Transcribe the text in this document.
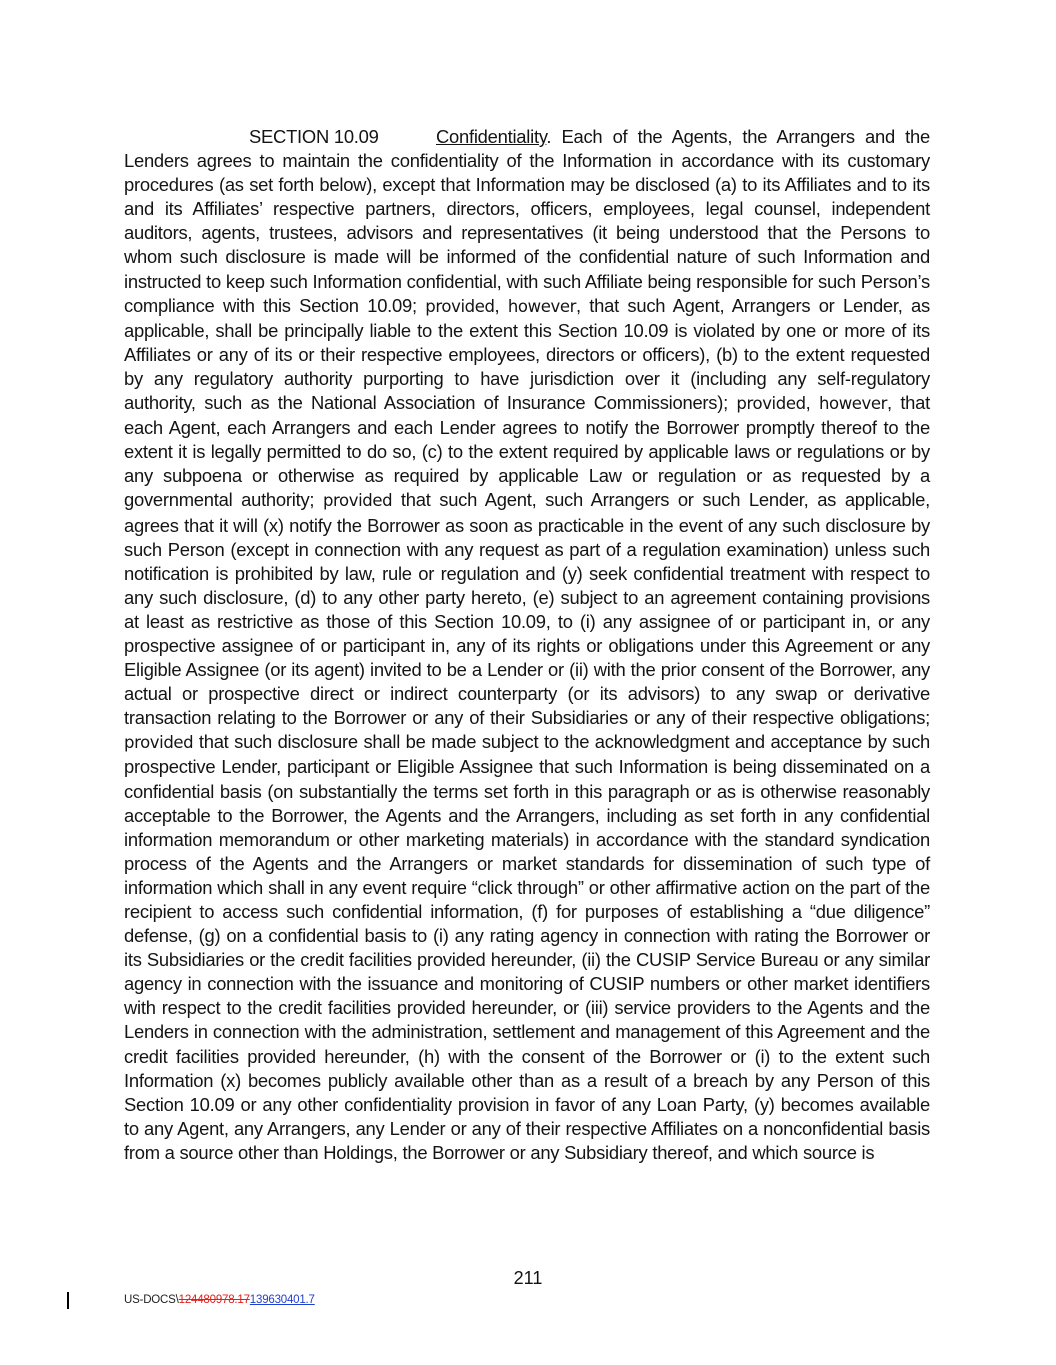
SECTION 10.09	Confidentiality. Each of the Agents, the Arrangers and the Lenders agrees to maintain the confidentiality of the Information in accordance with its customary procedures (as set forth below), except that Information may be disclosed (a) to its Affiliates and to its and its Affiliates’ respective partners, directors, officers, employees, legal counsel, independent auditors, agents, trustees, advisors and representatives (it being understood that the Persons to whom such disclosure is made will be informed of the confidential nature of such Information and instructed to keep such Information confidential, with such Affiliate being responsible for such Person’s compliance with this Section 10.09; provided, however, that such Agent, Arrangers or Lender, as applicable, shall be principally liable to the extent this Section 10.09 is violated by one or more of its Affiliates or any of its or their respective employees, directors or officers), (b) to the extent requested by any regulatory authority purporting to have jurisdiction over it (including any self-regulatory authority, such as the National Association of Insurance Commissioners); provided, however, that each Agent, each Arrangers and each Lender agrees to notify the Borrower promptly thereof to the extent it is legally permitted to do so, (c) to the extent required by applicable laws or regulations or by any subpoena or otherwise as required by applicable Law or regulation or as requested by a governmental authority; provided that such Agent, such Arrangers or such Lender, as applicable, agrees that it will (x) notify the Borrower as soon as practicable in the event of any such disclosure by such Person (except in connection with any request as part of a regulation examination) unless such notification is prohibited by law, rule or regulation and (y) seek confidential treatment with respect to any such disclosure, (d) to any other party hereto, (e) subject to an agreement containing provisions at least as restrictive as those of this Section 10.09, to (i) any assignee of or participant in, or any prospective assignee of or participant in, any of its rights or obligations under this Agreement or any Eligible Assignee (or its agent) invited to be a Lender or (ii) with the prior consent of the Borrower, any actual or prospective direct or indirect counterparty (or its advisors) to any swap or derivative transaction relating to the Borrower or any of their Subsidiaries or any of their respective obligations; provided that such disclosure shall be made subject to the acknowledgment and acceptance by such prospective Lender, participant or Eligible Assignee that such Information is being disseminated on a confidential basis (on substantially the terms set forth in this paragraph or as is otherwise reasonably acceptable to the Borrower, the Agents and the Arrangers, including as set forth in any confidential information memorandum or other marketing materials) in accordance with the standard syndication process of the Agents and the Arrangers or market standards for dissemination of such type of information which shall in any event require “click through” or other affirmative action on the part of the recipient to access such confidential information, (f) for purposes of establishing a “due diligence” defense, (g) on a confidential basis to (i) any rating agency in connection with rating the Borrower or its Subsidiaries or the credit facilities provided hereunder, (ii) the CUSIP Service Bureau or any similar agency in connection with the issuance and monitoring of CUSIP numbers or other market identifiers with respect to the credit facilities provided hereunder, or (iii) service providers to the Agents and the Lenders in connection with the administration, settlement and management of this Agreement and the credit facilities provided hereunder, (h) with the consent of the Borrower or (i) to the extent such Information (x) becomes publicly available other than as a result of a breach by any Person of this Section 10.09 or any other confidentiality provision in favor of any Loan Party, (y) becomes available to any Agent, any Arrangers, any Lender or any of their respective Affiliates on a nonconfidential basis from a source other than Holdings, the Borrower or any Subsidiary thereof, and which source is
211
US-DOCS\124480978.17139630401.7
